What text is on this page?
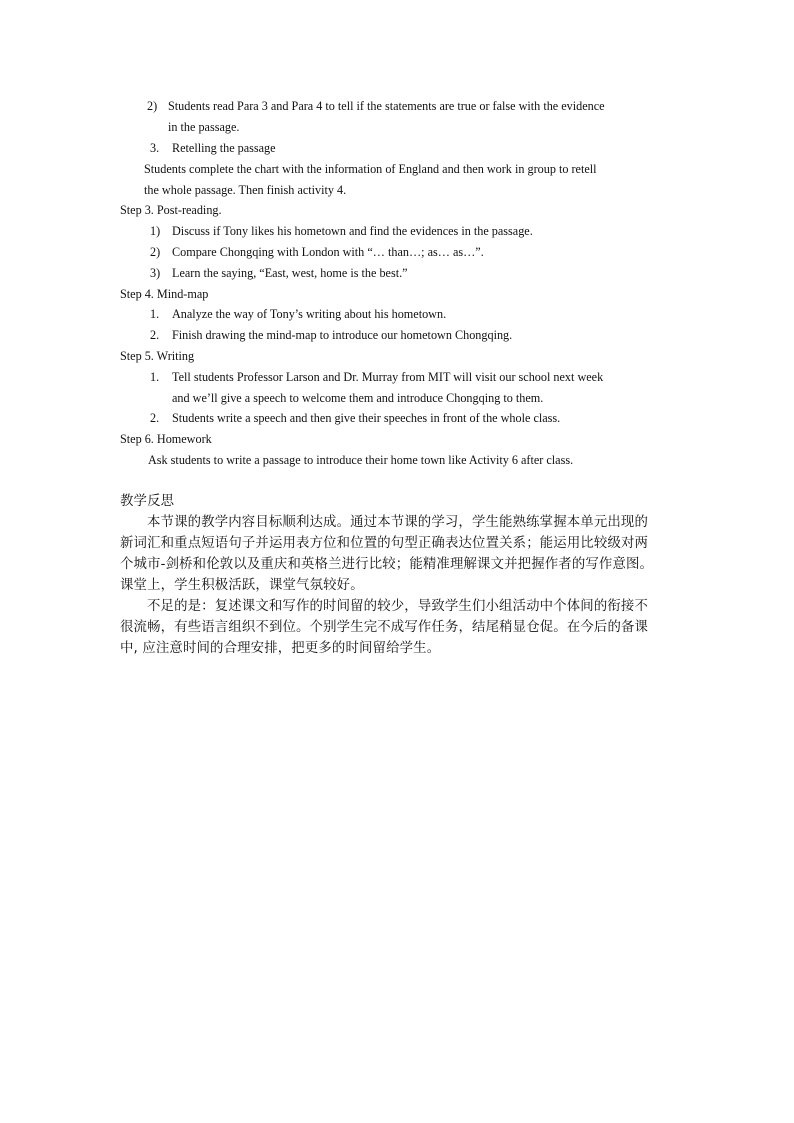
2) Students read Para 3 and Para 4 to tell if the statements are true or false with the evidence
in the passage.
3. Retelling the passage
Students complete the chart with the information of England and then work in group to retell
the whole passage. Then finish activity 4.
Step 3. Post-reading.
1) Discuss if Tony likes his hometown and find the evidences in the passage.
2) Compare Chongqing with London with “… than…; as… as…”.
3) Learn the saying, “East, west, home is the best.”
Step 4. Mind-map
1. Analyze the way of Tony’s writing about his hometown.
2. Finish drawing the mind-map to introduce our hometown Chongqing.
Step 5. Writing
1. Tell students Professor Larson and Dr. Murray from MIT will visit our school next week
and we’ll give a speech to welcome them and introduce Chongqing to them.
2. Students write a speech and then give their speeches in front of the whole class.
Step 6. Homework
Ask students to write a passage to introduce their home town like Activity 6 after class.
教学反思
本节课的教学内容目标顺利达成。通过本节课的学习，学生能熟练掌握本单元出现的
新词汇和重点短语句子并运用表方位和位置的句型正确表达位置关系；能运用比较级对两
个城市-剑桥和伦敦以及重庆和英格兰进行比较；能精准理解课文并把握作者的写作意图。
课堂上，学生积极活跃，课堂气氛较好。
不足的是：复述课文和写作的时间留的较少，导致学生们小组活动中个体间的衔接不
很流畅，有些语言组织不到位。个别学生完不成写作任务，结尾稍显仓促。在今后的备课
中, 应注意时间的合理安排，把更多的时间留给学生。
